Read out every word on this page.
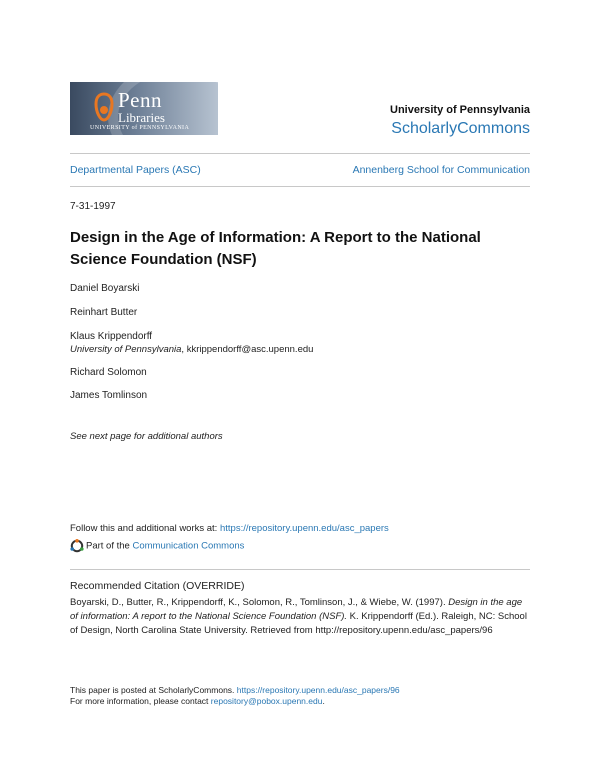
Penn
Libraries
UNIVERSITY of PENNSYLVANIA
University of Pennsylvania
ScholarlyCommons
Departmental Papers (ASC)	Annenberg School for Communication
7-31-1997
Design in the Age of Information: A Report to the National Science Foundation (NSF)
Daniel Boyarski
Reinhart Butter
Klaus Krippendorff
University of Pennsylvania, kkrippendorff@asc.upenn.edu
Richard Solomon
James Tomlinson
See next page for additional authors
Follow this and additional works at: https://repository.upenn.edu/asc_papers
Part of the Communication Commons
Recommended Citation (OVERRIDE)
Boyarski, D., Butter, R., Krippendorff, K., Solomon, R., Tomlinson, J., & Wiebe, W. (1997). Design in the age of information: A report to the National Science Foundation (NSF). K. Krippendorff (Ed.). Raleigh, NC: School of Design, North Carolina State University. Retrieved from http://repository.upenn.edu/asc_papers/96
This paper is posted at ScholarlyCommons. https://repository.upenn.edu/asc_papers/96
For more information, please contact repository@pobox.upenn.edu.
